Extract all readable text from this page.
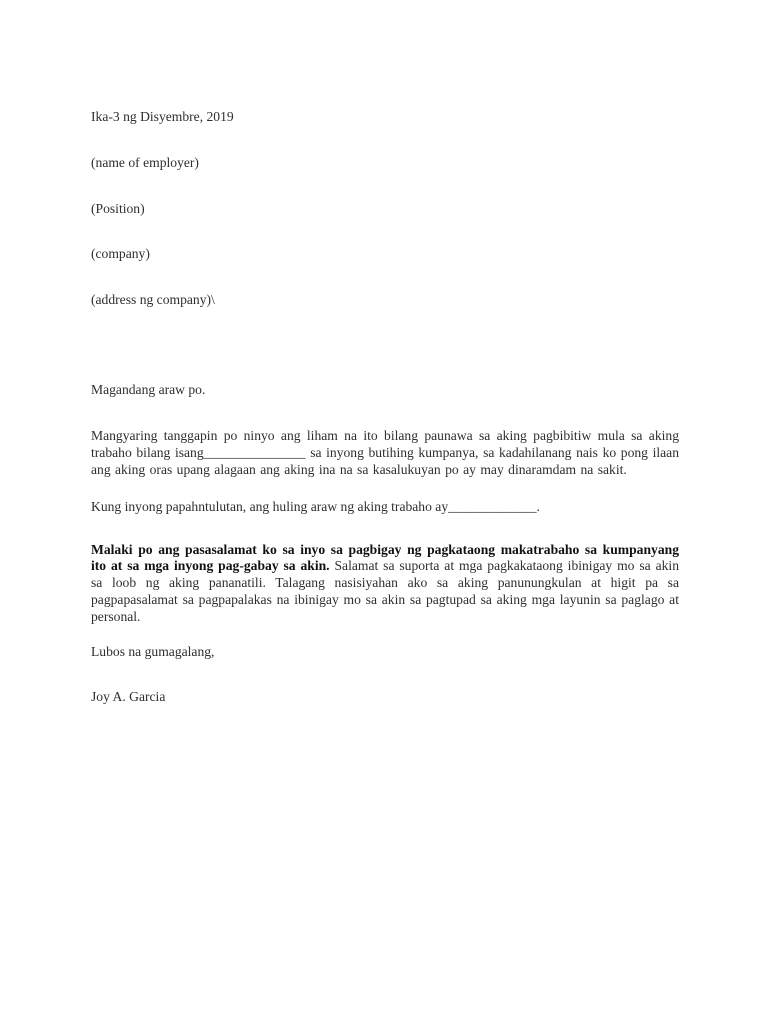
Ika-3 ng Disyembre, 2019

(name of employer)

(Position)

(company)

(address ng company)\

Magandang araw po.

Mangyaring tanggapin po ninyo ang liham na ito bilang paunawa sa aking pagbibitiw mula sa aking trabaho bilang isang_______________ sa inyong butihing kumpanya, sa kadahilanang nais ko pong ilaan ang aking oras upang alagaan ang aking ina na sa kasalukuyan po ay may dinaramdam na sakit.

Kung inyong papahntulutan, ang huling araw ng aking trabaho ay_____________.

Malaki po ang pasasalamat ko sa inyo sa pagbigay ng pagkataong makatrabaho sa kumpanyang ito at sa mga inyong pag-gabay sa akin. Salamat sa suporta at mga pagkakataong ibinigay mo sa akin sa loob ng aking pananatili. Talagang nasisiyahan ako sa aking panunungkulan at higit pa sa pagpapasalamat sa pagpapalakas na ibinigay mo sa akin sa pagtupad sa aking mga layunin sa paglago at personal.

Lubos na gumagalang,
Joy A. Garcia
